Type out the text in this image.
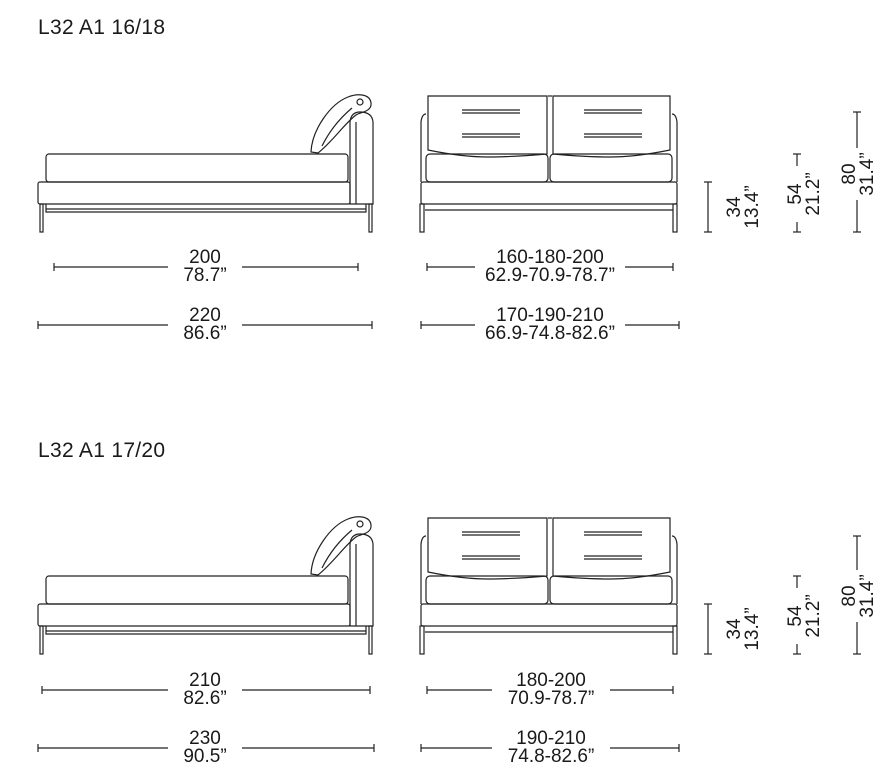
L32 A1 16/18
L32 A1 17/20
200
78.7”
220
86.6”
160-180-200
62.9-70.9-78.7”
170-190-210
66.9-74.8-82.6”
34
13.4” 54
21.2” 80
31.4”
210
82.6”
230
90.5”
180-200
70.9-78.7”
190-210
74.8-82.6”
34
13.4” 54
21.2” 80
31.4”
